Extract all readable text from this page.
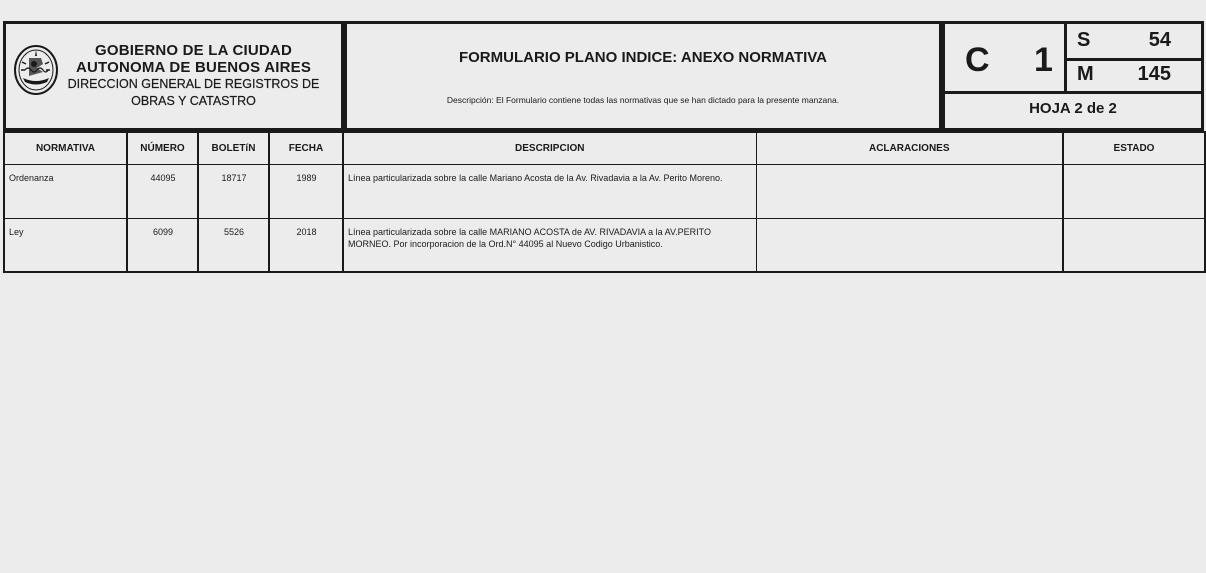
GOBIERNO DE LA CIUDAD
AUTONOMA DE BUENOS AIRES
DIRECCION GENERAL DE REGISTROS DE
OBRAS Y CATASTRO
FORMULARIO PLANO INDICE: ANEXO NORMATIVA
Descripción: El Formulario contiene todas las normativas que se han dictado para la presente manzana.
C 1
S	54
M 145
HOJA 2 de 2
NORMATIVA	NÚMERO	BOLETíN	FECHA	DESCRIPCION	ACLARACIONES	ESTADO
Ordenanza	44095	18717	1989	Línea particularizada sobre la calle Mariano Acosta de la Av. Rivadavia a la Av. Perito Moreno.		
Ley	6099	5526	2018	Línea particularizada sobre la calle MARIANO ACOSTA de AV. RIVADAVIA a la AV.PERITO MORNEO. Por incorporacion de la Ord.N° 44095 al Nuevo Codigo Urbanistico.		
